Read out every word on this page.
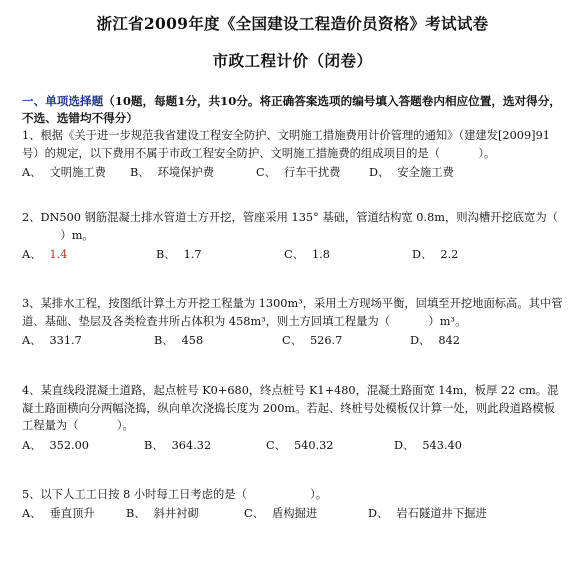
浙江省2009年度《全国建设工程造价员资格》考试试卷
市政工程计价（闭卷）
一、单项选择题（10题，每题1分，共10分。将正确答案选项的编号填入答题卷内相应位置，选对得分，不选、选错均不得分）

1、根据《关于进一步规范我省建设工程安全防护、文明施工措施费用计价管理的通知》（建建发[2009]91 号）的规定，以下费用不属于市政工程安全防护、文明施工措施费的组成项目的是（	）。

A、 文明施工费	B、 环境保护费	C、 行车干扰费	D、 安全施工费

2、DN500 钢筋混凝土排水管道土方开挖，管座采用 135° 基础，管道结构宽 0.8m，则沟槽开挖底宽为（）m。

A、 1.4	B、 1.7	C、 1.8	D、 2.2

3、某排水工程，按图纸计算土方开挖工程量为 1300m³，采用土方现场平衡，回填至开挖地面标高。其中管道、基础、垫层及各类检查井所占体积为 458m³，则土方回填工程量为（	）m³。

A、 331.7	B、 458	C、 526.7	D、 842

4、某直线段混凝土道路，起点桩号 K0+680，终点桩号 K1+480，混凝土路面宽 14m，板厚 22 cm。混凝土路面横向分两幅浇捣，纵向单次浇捣长度为 200m。若起、终桩号处模板仅计算一处，则此段道路模板工程量为（	）。

A、 352.00	B、 364.32	C、 540.32	D、 543.40

5、以下人工工日按 8 小时每工日考虑的是（	）。

A、 垂直顶升	B、 斜井衬砌	C、 盾构掘进	D、 岩石隧道井下掘进
